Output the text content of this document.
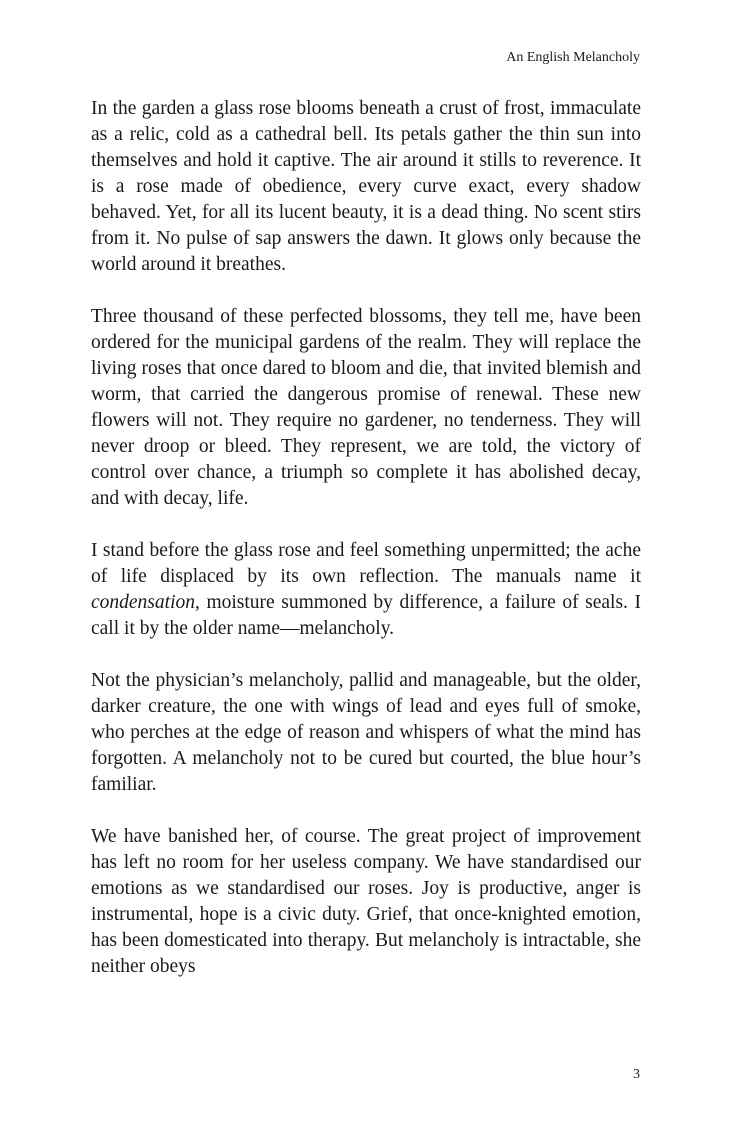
An English Melancholy

In the garden a glass rose blooms beneath a crust of frost, immaculate as a relic, cold as a cathedral bell. Its petals gather the thin sun into themselves and hold it captive. The air around it stills to reverence. It is a rose made of obedience, every curve exact, every shadow behaved. Yet, for all its lucent beauty, it is a dead thing. No scent stirs from it. No pulse of sap answers the dawn. It glows only because the world around it breathes.

Three thousand of these perfected blossoms, they tell me, have been ordered for the municipal gardens of the realm. They will replace the living roses that once dared to bloom and die, that invited blemish and worm, that carried the dangerous promise of renewal. These new flowers will not. They require no gardener, no tenderness. They will never droop or bleed. They represent, we are told, the victory of control over chance, a triumph so complete it has abolished decay, and with decay, life.

I stand before the glass rose and feel something unpermitted; the ache of life displaced by its own reflection. The manuals name it condensation, moisture summoned by difference, a failure of seals. I call it by the older name—melancholy.

Not the physician’s melancholy, pallid and manageable, but the older, darker creature, the one with wings of lead and eyes full of smoke, who perches at the edge of reason and whispers of what the mind has forgotten. A melancholy not to be cured but courted, the blue hour’s familiar.

We have banished her, of course. The great project of improvement has left no room for her useless company. We have standardised our emotions as we standardised our roses. Joy is productive, anger is instrumental, hope is a civic duty. Grief, that once-knighted emotion, has been domesticated into therapy. But melancholy is intractable, she neither obeys

3
